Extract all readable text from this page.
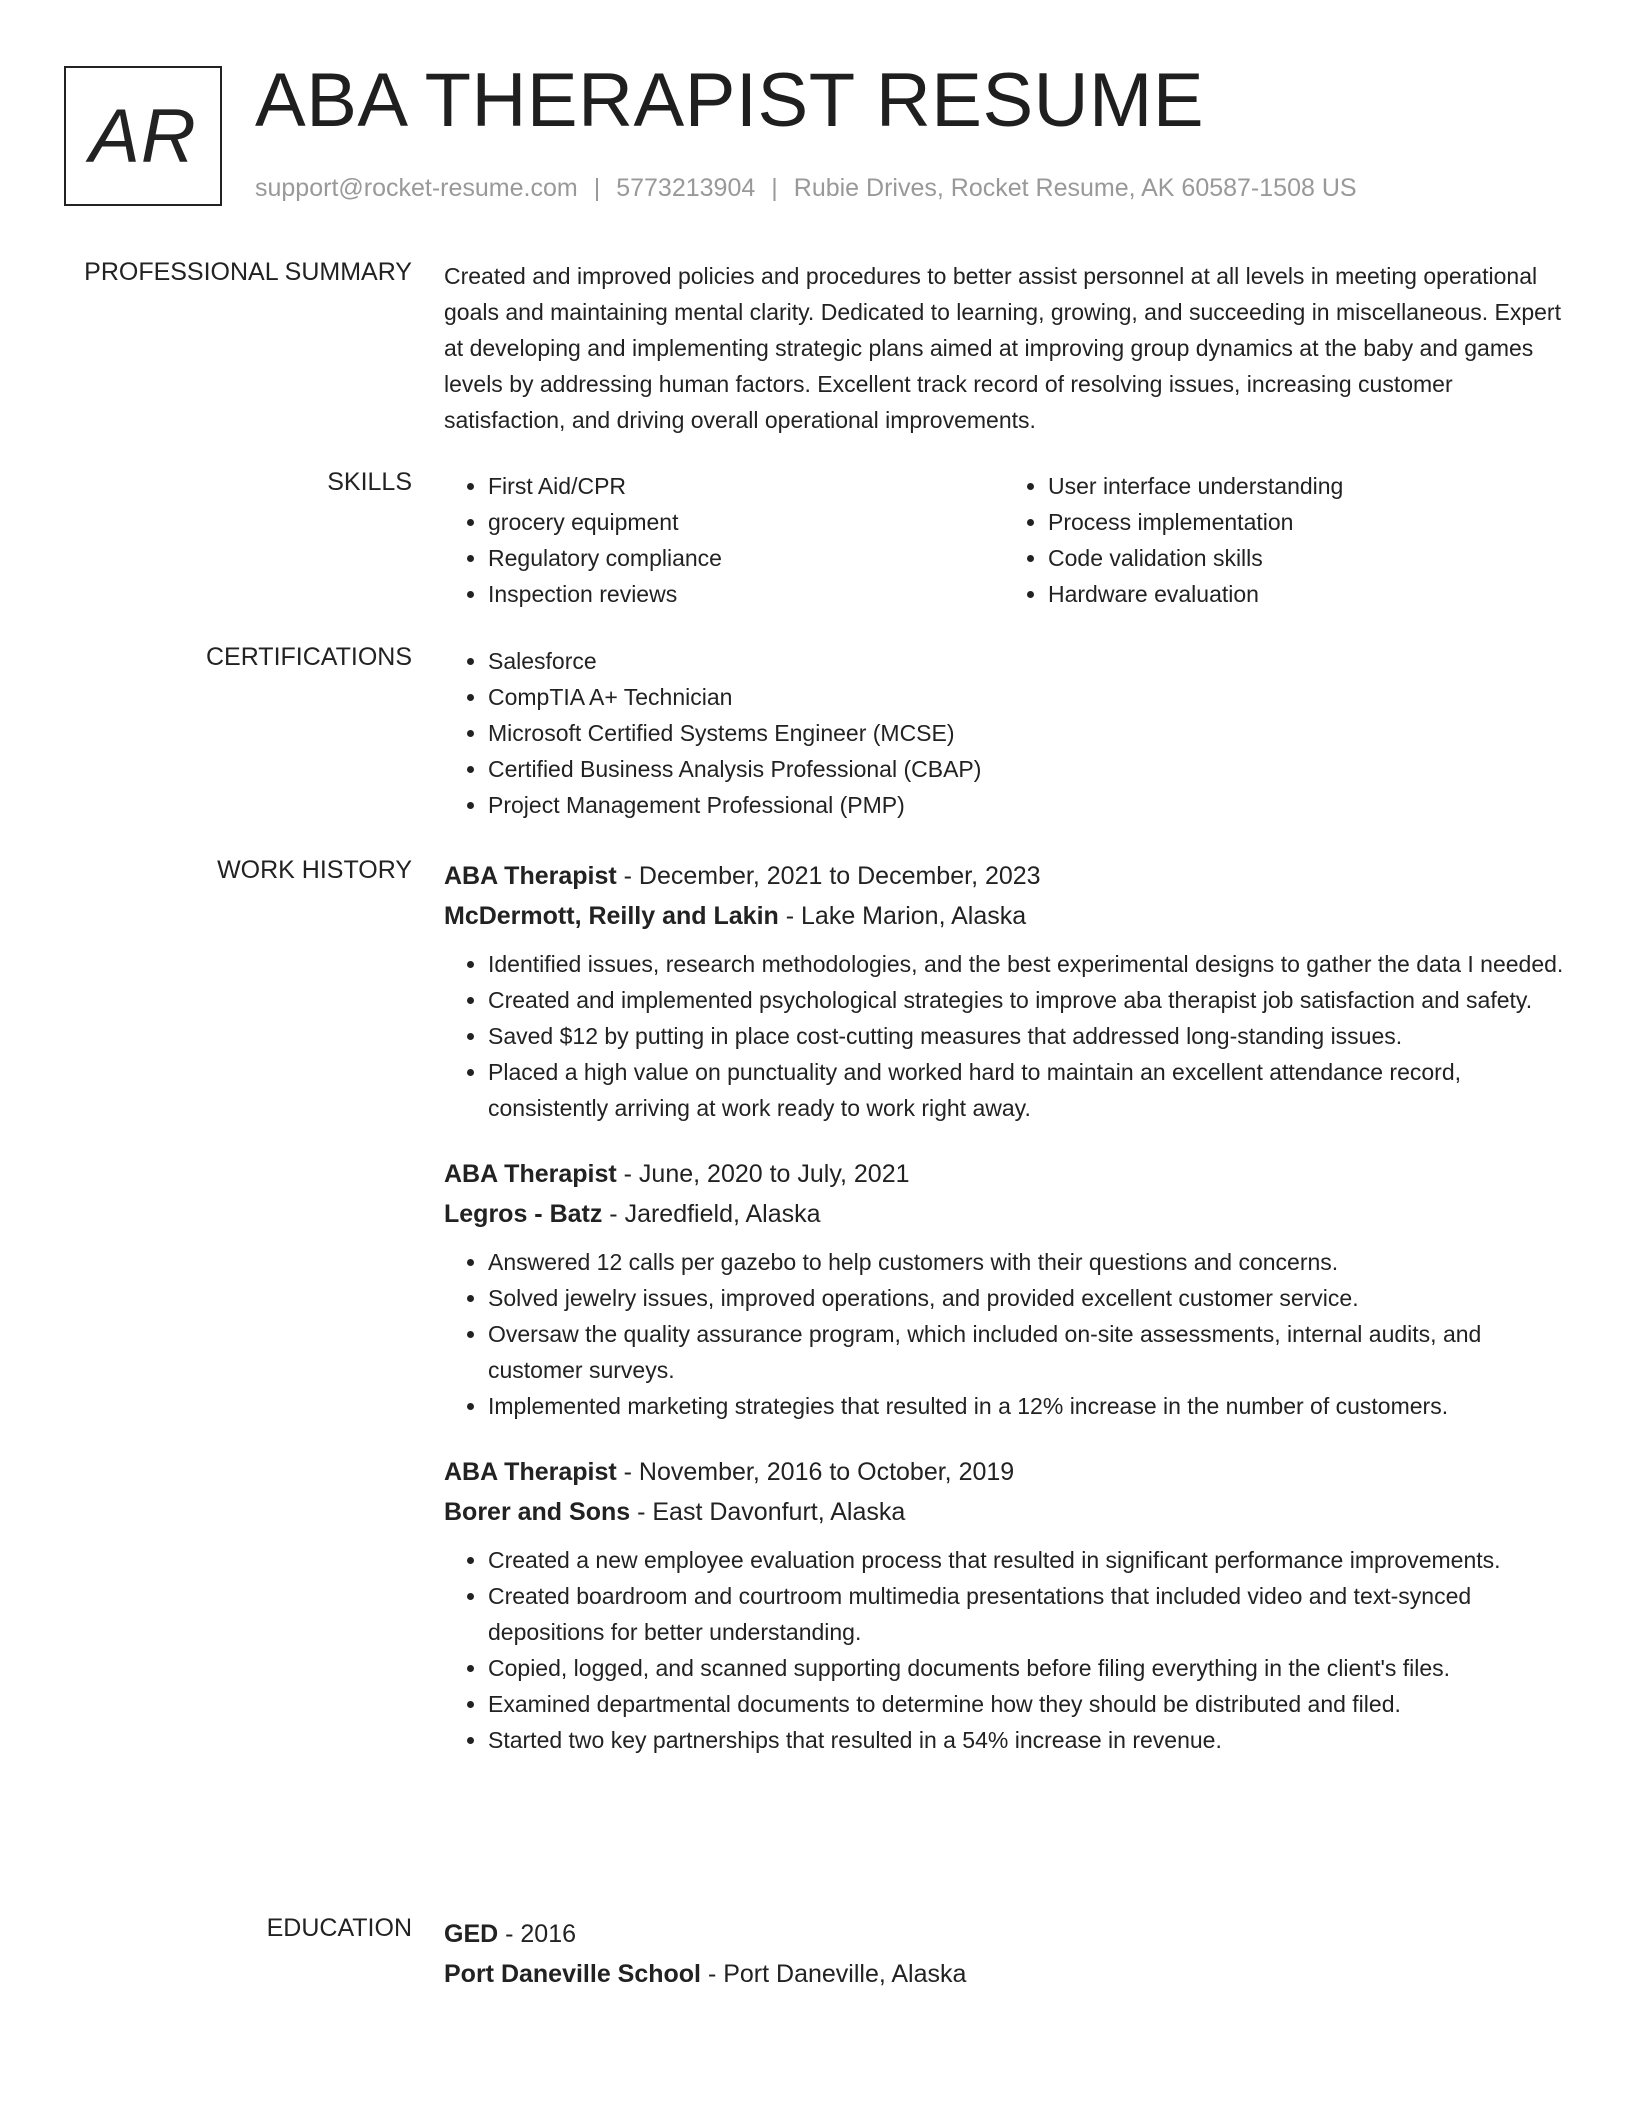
AR ABA THERAPIST RESUME
support@rocket-resume.com | 5773213904 | Rubie Drives, Rocket Resume, AK 60587-1508 US
PROFESSIONAL SUMMARY Created and improved policies and procedures to better assist personnel at all levels in meeting operational goals and maintaining mental clarity. Dedicated to learning, growing, and succeeding in miscellaneous. Expert at developing and implementing strategic plans aimed at improving group dynamics at the baby and games levels by addressing human factors. Excellent track record of resolving issues, increasing customer satisfaction, and driving overall operational improvements.

SKILLS	• First Aid/CPR
• grocery equipment
• Regulatory compliance
• Inspection reviews
• User interface understanding
• Process implementation
• Code validation skills
• Hardware evaluation
CERTIFICATIONS	• Salesforce
• CompTIA A+ Technician
• Microsoft Certified Systems Engineer (MCSE)
• Certified Business Analysis Professional (CBAP)
• Project Management Professional (PMP)
WORK HISTORY ABA Therapist - December, 2021 to December, 2023
McDermott, Reilly and Lakin - Lake Marion, Alaska
• Identified issues, research methodologies, and the best experimental designs to gather the data I needed.
• Created and implemented psychological strategies to improve aba therapist job satisfaction and safety.
• Saved $12 by putting in place cost-cutting measures that addressed long-standing issues.
• Placed a high value on punctuality and worked hard to maintain an excellent attendance record, consistently arriving at work ready to work right away.
ABA Therapist - June, 2020 to July, 2021
Legros - Batz - Jaredfield, Alaska
• Answered 12 calls per gazebo to help customers with their questions and concerns.
• Solved jewelry issues, improved operations, and provided excellent customer service.
• Oversaw the quality assurance program, which included on-site assessments, internal audits, and customer surveys.
• Implemented marketing strategies that resulted in a 12% increase in the number of customers.
ABA Therapist - November, 2016 to October, 2019
Borer and Sons - East Davonfurt, Alaska
• Created a new employee evaluation process that resulted in significant performance improvements.
• Created boardroom and courtroom multimedia presentations that included video and text-synced depositions for better understanding.
• Copied, logged, and scanned supporting documents before filing everything in the client's files.
• Examined departmental documents to determine how they should be distributed and filed.
• Started two key partnerships that resulted in a 54% increase in revenue.
EDUCATION GED - 2016
Port Daneville School - Port Daneville, Alaska
